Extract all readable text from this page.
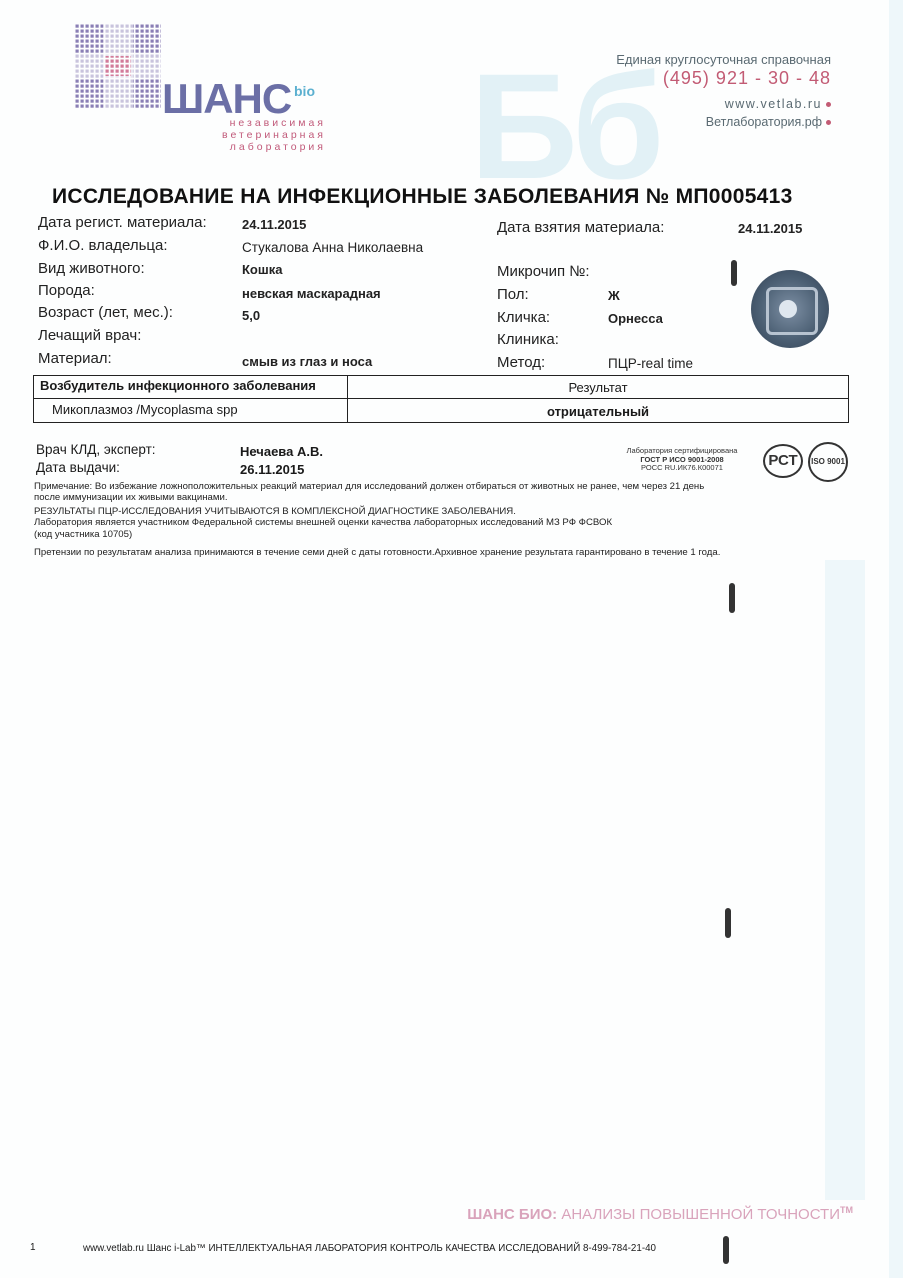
Бб
ШАНС bio
независимая
ветеринарная
лаборатория
Единая круглосуточная справочная
(495) 921 - 30 - 48
www.vetlab.ru
Ветлаборатория.рф
ИССЛЕДОВАНИЕ НА ИНФЕКЦИОННЫЕ ЗАБОЛЕВАНИЯ № МП0005413
Дата регист. материала:	24.11.2015
Ф.И.О. владельца:	Стукалова Анна Николаевна
Вид животного:	Кошка
Порода:	невская маскарадная
Возраст (лет, мес.):	5,0
Лечащий врач:
Материал:	смыв из глаз и носа
Дата взятия материала:	24.11.2015
Микрочип №:
Пол:	Ж
Кличка:	Орнесса
Клиника:
Метод:	ПЦР-real time
Возбудитель инфекционного заболевания	Результат
Микоплазмоз /Mycoplasma spp	отрицательный
Врач КЛД, эксперт:	Нечаева А.В.
Дата выдачи:	26.11.2015
Лаборатория сертифицирована
ГОСТ Р ИСО 9001-2008
РОСС RU.ИК76.К00071	РСТ	ISO 9001
Примечание: Во избежание ложноположительных реакций материал для исследований должен отбираться от животных не ранее, чем через 21 день
после иммунизации их живыми вакцинами.
РЕЗУЛЬТАТЫ ПЦР-ИССЛЕДОВАНИЯ УЧИТЫВАЮТСЯ В КОМПЛЕКСНОЙ ДИАГНОСТИКЕ ЗАБОЛЕВАНИЯ.
Лаборатория является участником Федеральной системы внешней оценки качества лабораторных исследований МЗ РФ ФСВОК
(код участника 10705)
Претензии по результатам анализа принимаются в течение семи дней с даты готовности.Архивное хранение результата гарантировано в течение 1 года.
ШАНС БИО: АНАЛИЗЫ ПОВЫШЕННОЙ ТОЧНОСТИ™
1	www.vetlab.ru Шанс i-Lab™ ИНТЕЛЛЕКТУАЛЬНАЯ ЛАБОРАТОРИЯ КОНТРОЛЬ КАЧЕСТВА ИССЛЕДОВАНИЙ 8-499-784-21-40
